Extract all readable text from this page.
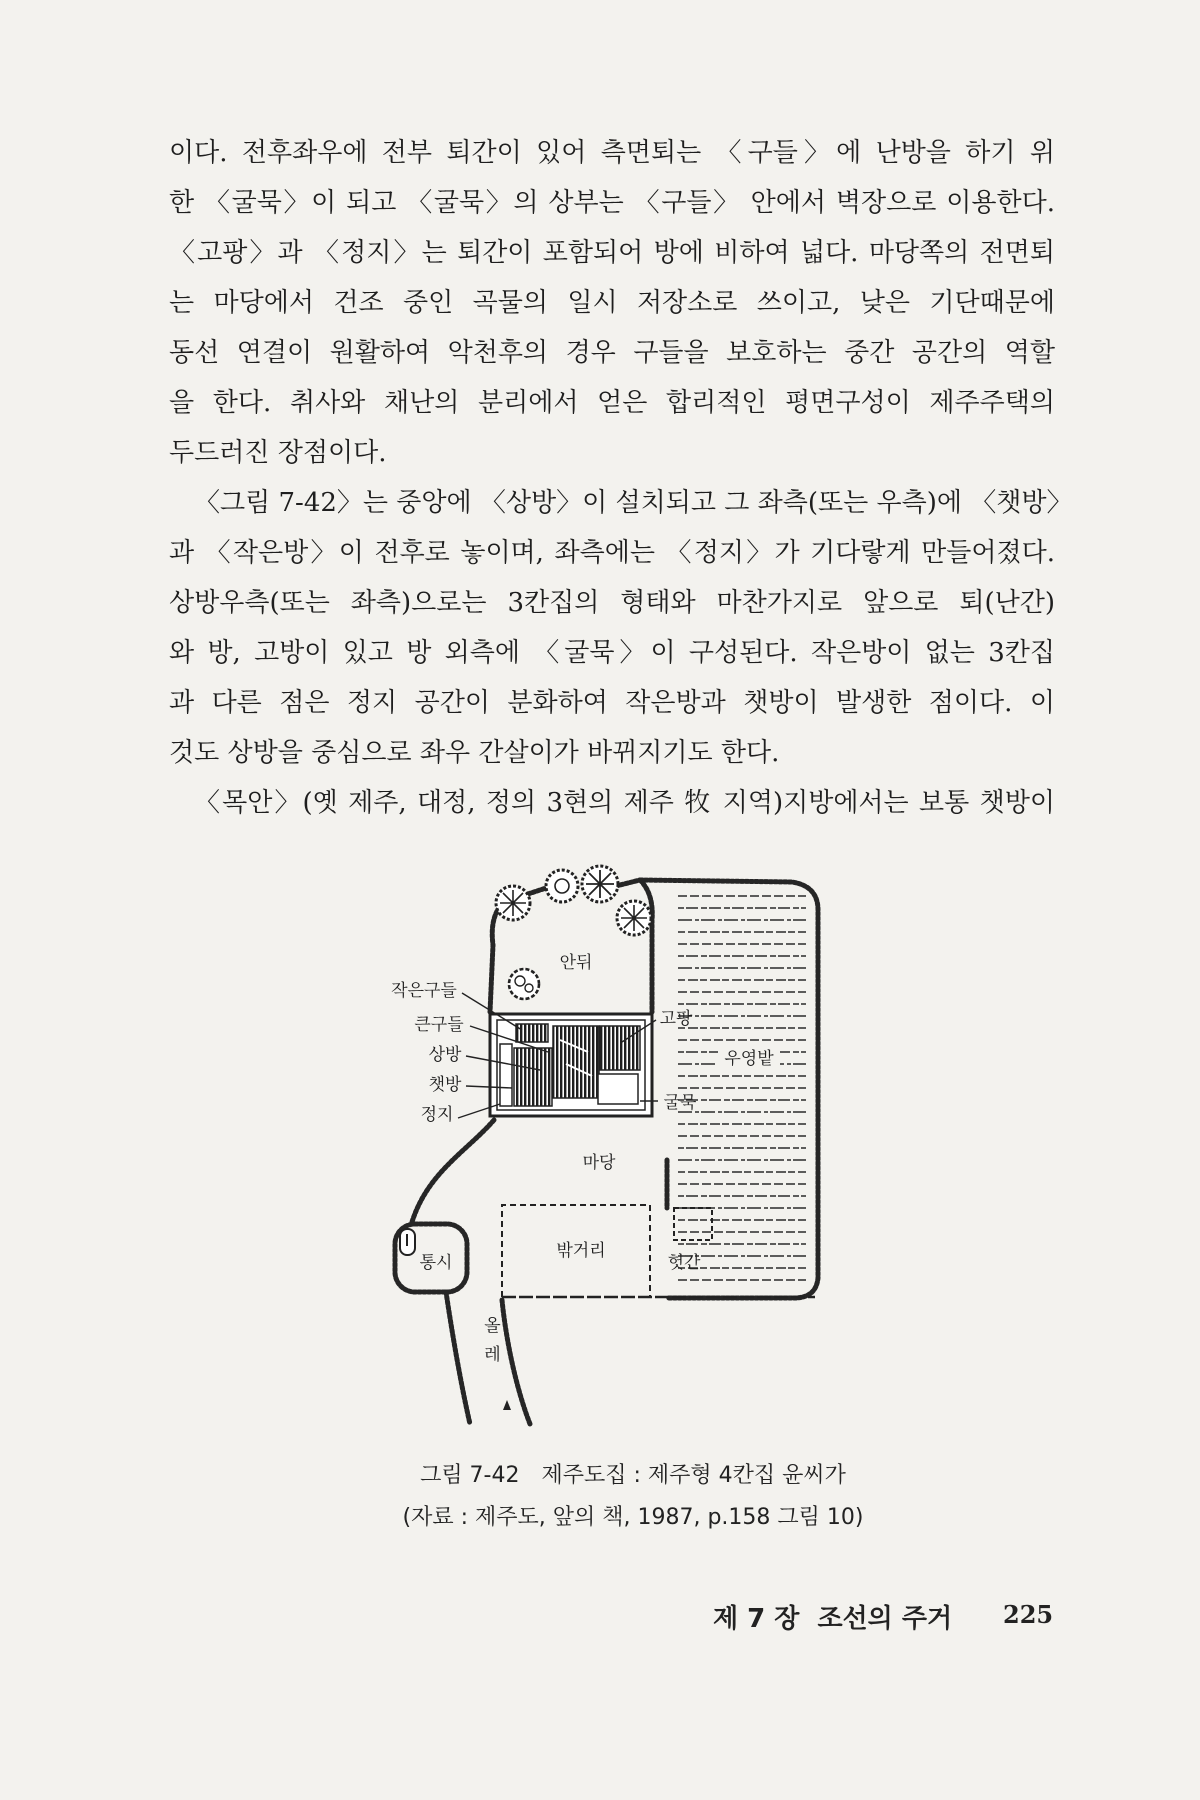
이다. 전후좌우에 전부 퇴간이 있어 측면퇴는 〈구들〉에 난방을 하기 위
한 〈굴묵〉이 되고 〈굴묵〉의 상부는 〈구들〉 안에서 벽장으로 이용한다.
〈고팡〉과 〈정지〉는 퇴간이 포함되어 방에 비하여 넓다. 마당쪽의 전면퇴
는 마당에서 건조 중인 곡물의 일시 저장소로 쓰이고, 낮은 기단때문에
동선 연결이 원활하여 악천후의 경우 구들을 보호하는 중간 공간의 역할
을 한다. 취사와 채난의 분리에서 얻은 합리적인 평면구성이 제주주택의
두드러진 장점이다.
〈그림 7-42〉는 중앙에 〈상방〉이 설치되고 그 좌측(또는 우측)에 〈챗방〉
과 〈작은방〉이 전후로 놓이며, 좌측에는 〈정지〉가 기다랗게 만들어졌다.
상방우측(또는 좌측)으로는 3칸집의 형태와 마찬가지로 앞으로 퇴(난간)
와 방, 고방이 있고 방 외측에 〈굴묵〉이 구성된다. 작은방이 없는 3칸집
과 다른 점은 정지 공간이 분화하여 작은방과 챗방이 발생한 점이다. 이
것도 상방을 중심으로 좌우 간살이가 바뀌지기도 한다.
〈목안〉(옛 제주, 대정, 정의 3현의 제주 牧 지역)지방에서는 보통 챗방이
안뒤
작은구들
큰구들
상방
챗방
정지
고팡
우영밭
굴묵
마당
밖거리
헛간
통시
올레
그림 7-42 제주도집 : 제주형 4칸집 윤씨가
(자료 : 제주도, 앞의 책, 1987, p.158 그림 10)
제 7 장 조선의 주거 225
